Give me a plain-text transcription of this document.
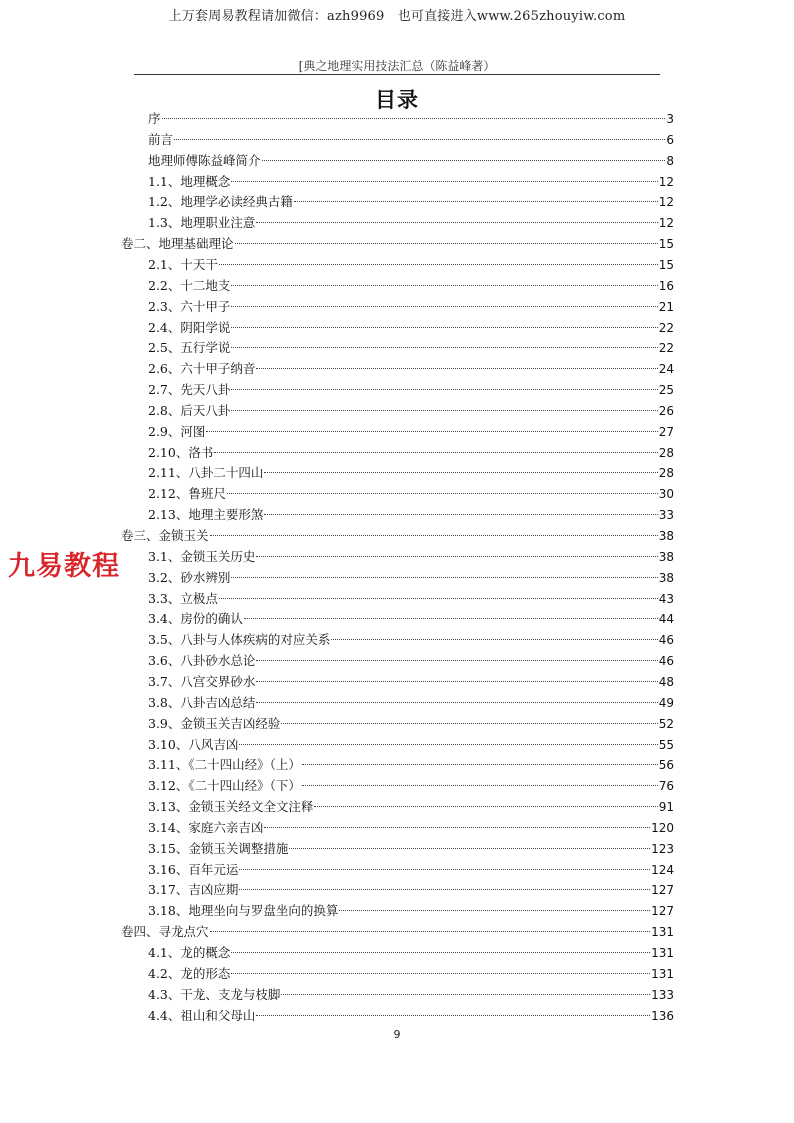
上万套周易教程请加微信：azh9969　也可直接进入www.265zhouyiw.com
[典之地理实用技法汇总（陈益峰著）
目录
序	3
前言	6
地理师傅陈益峰简介	8
1.1、地理概念	12
1.2、地理学必读经典古籍	12
1.3、地理职业注意	12
卷二、地理基础理论	15
2.1、十天干	15
2.2、十二地支	16
2.3、六十甲子	21
2.4、阴阳学说	22
2.5、五行学说	22
2.6、六十甲子纳音	24
2.7、先天八卦	25
2.8、后天八卦	26
2.9、河图	27
2.10、洛书	28
2.11、八卦二十四山	28
2.12、鲁班尺	30
2.13、地理主要形煞	33
卷三、金锁玉关	38
3.1、金锁玉关历史	38
3.2、砂水辨别	38
3.3、立极点	43
3.4、房份的确认	44
3.5、八卦与人体疾病的对应关系	46
3.6、八卦砂水总论	46
3.7、八宫交界砂水	48
3.8、八卦吉凶总结	49
3.9、金锁玉关吉凶经验	52
3.10、八风吉凶	55
3.11、《二十四山经》（上）	56
3.12、《二十四山经》（下）	76
3.13、金锁玉关经文全文注释	91
3.14、家庭六亲吉凶	120
3.15、金锁玉关调整措施	123
3.16、百年元运	124
3.17、吉凶应期	127
3.18、地理坐向与罗盘坐向的换算	127
卷四、寻龙点穴	131
4.1、龙的概念	131
4.2、龙的形态	131
4.3、干龙、支龙与枝脚	133
4.4、祖山和父母山	136
九易教程
9
